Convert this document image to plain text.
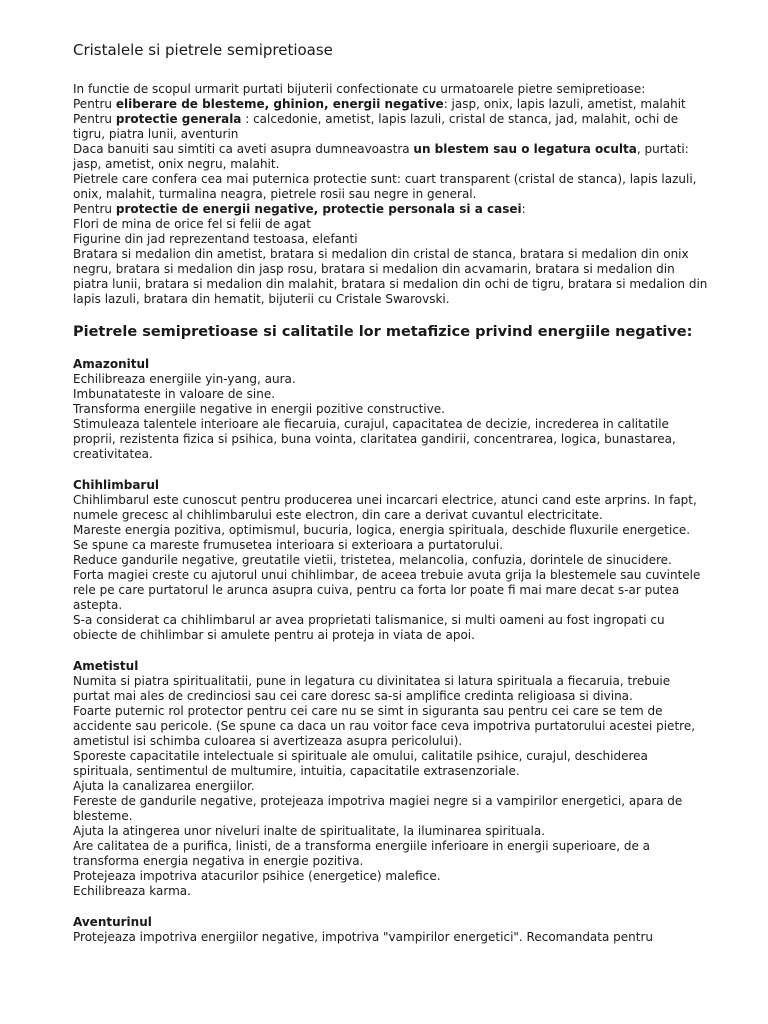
Cristalele si pietrele semipretioase

In functie de scopul urmarit purtati bijuterii confectionate cu urmatoarele pietre semipretioase:

Pentru eliberare de blesteme, ghinion, energii negative: jasp, onix, lapis lazuli, ametist, malahit

Pentru protectie generala : calcedonie, ametist, lapis lazuli, cristal de stanca, jad, malahit, ochi de tigru, piatra lunii, aventurin

Daca banuiti sau simtiti ca aveti asupra dumneavoastra un blestem sau o legatura oculta, purtati: jasp, ametist, onix negru, malahit.

Pietrele care confera cea mai puternica protectie sunt: cuart transparent (cristal de stanca), lapis lazuli, onix, malahit, turmalina neagra, pietrele rosii sau negre in general.

Pentru protectie de energii negative, protectie personala si a casei:

Flori de mina de orice fel si felii de agat

Figurine din jad reprezentand testoasa, elefanti

Bratara si medalion din ametist, bratara si medalion din cristal de stanca, bratara si medalion din onix negru, bratara si medalion din jasp rosu, bratara si medalion din acvamarin, bratara si medalion din piatra lunii, bratara si medalion din malahit, bratara si medalion din ochi de tigru, bratara si medalion din lapis lazuli, bratara din hematit, bijuterii cu Cristale Swarovski.

Pietrele semipretioase si calitatile lor metafizice privind energiile negative:
Amazonitul

Echilibreaza energiile yin-yang, aura.

Imbunatateste in valoare de sine.

Transforma energiile negative in energii pozitive constructive.

Stimuleaza talentele interioare ale fiecaruia, curajul, capacitatea de decizie, increderea in calitatile proprii, rezistenta fizica si psihica, buna vointa, claritatea gandirii, concentrarea, logica, bunastarea, creativitatea.

Chihlimbarul

Chihlimbarul este cunoscut pentru producerea unei incarcari electrice, atunci cand este arprins. In fapt, numele grecesc al chihlimbarului este electron, din care a derivat cuvantul electricitate.

Mareste energia pozitiva, optimismul, bucuria, logica, energia spirituala, deschide fluxurile energetice.

Se spune ca mareste frumusetea interioara si exterioara a purtatorului.

Reduce gandurile negative, greutatile vietii, tristetea, melancolia, confuzia, dorintele de sinucidere.

Forta magiei creste cu ajutorul unui chihlimbar, de aceea trebuie avuta grija la blestemele sau cuvintele rele pe care purtatorul le aruncа asupra cuiva, pentru ca forta lor poate fi mai mare decat s-ar putea astepta.

S-a considerat ca chihlimbarul ar avea proprietati talismanice, si multi oameni au fost ingropati cu obiecte de chihlimbar si amulete pentru ai proteja in viata de apoi.

Ametistul

Numita si piatra spiritualitatii, pune in legatura cu divinitatea si latura spirituala a fiecaruia, trebuie purtat mai ales de credinciosi sau cei care doresc sa-si amplifice credinta religioasa si divina.

Foarte puternic rol protector pentru cei care nu se simt in siguranta sau pentru cei care se tem de accidente sau pericole. (Se spune ca daca un rau voitor face ceva impotriva purtatorului acestei pietre, ametistul isi schimba culoarea si avertizeaza asupra pericolului).

Sporeste capacitatile intelectuale si spirituale ale omului, calitatile psihice, curajul, deschiderea spirituala, sentimentul de multumire, intuitia, capacitatile extrasenzoriale.

Ajuta la canalizarea energiilor.

Fereste de gandurile negative, protejeaza impotriva magiei negre si a vampirilor energetici, apara de blesteme.

Ajuta la atingerea unor niveluri inalte de spiritualitate, la iluminarea spirituala.

Are calitatea de a purifica, linisti, de a transforma energiile inferioare in energii superioare, de a transforma energia negativa in energie pozitiva.

Protejeaza impotriva atacurilor psihice (energetice) malefice.

Echilibreaza karma.

Aventurinul

Protejeaza impotriva energiilor negative, impotriva "vampirilor energetici". Recomandata pentru
